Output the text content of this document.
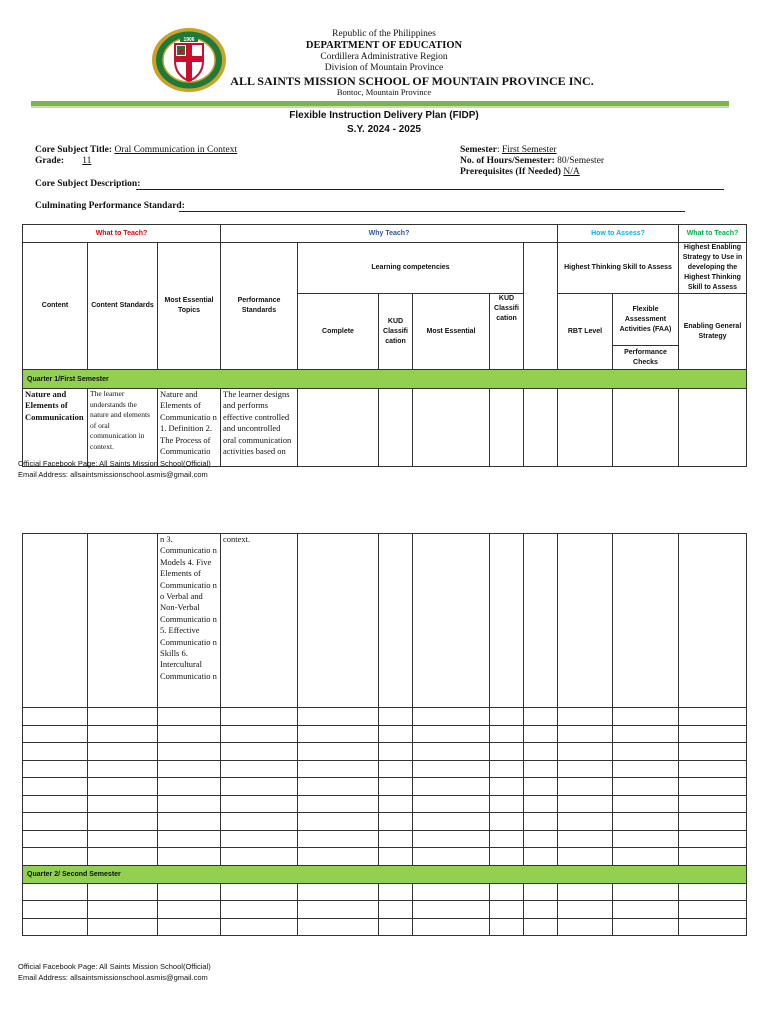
1906
Republic of the Philippines
DEPARTMENT OF EDUCATION
Cordillera Administrative Region
Division of Mountain Province
ALL SAINTS MISSION SCHOOL OF MOUNTAIN PROVINCE INC.
Bontoc, Mountain Province
Flexible Instruction Delivery Plan (FIDP)
S.Y. 2024 - 2025
Core Subject Title: Oral Communication in Context
Grade: 11
Semester: First Semester
No. of Hours/Semester: 80/Semester
Prerequisites (If Needed) N/A
Core Subject Description:
Culminating Performance Standard:
What to Teach?			Why Teach?						How to Assess?		What to Teach?
Content	Content Standards	Most Essential Topics	Performance Standards	Learning competencies					Highest Thinking Skill to Assess		Highest Enabling Strategy to Use in developing the Highest Thinking Skill to Assess

				Complete	KUD Classifi cation	Most Essential	KUD Classifi cation		RBT Level	Flexible Assessment Activities (FAA)	Enabling General Strategy
										Performance Checks	
Quarter 1/First Semester											
Nature and Elements of Communication	The learner understands the nature and elements of oral communication in context.	Nature and Elements of Communicatio n 1. Definition 2. The Process of Communicatio	The learner designs and performs effective controlled and uncontrolled oral communication activities based on								
Official Facebook Page: All Saints Mission School(Official)
Email Address: allsaintsmissionschool.asmis@gmail.com
		n 3. Communicatio n Models 4. Five Elements of Communicatio n o Verbal and Non-Verbal Communicatio n 5. Effective Communicatio n Skills 6. Intercultural Communicatio n	context.								

Quarter 2/ Second Semester											

Official Facebook Page: All Saints Mission School(Official)
Email Address: allsaintsmissionschool.asmis@gmail.com
